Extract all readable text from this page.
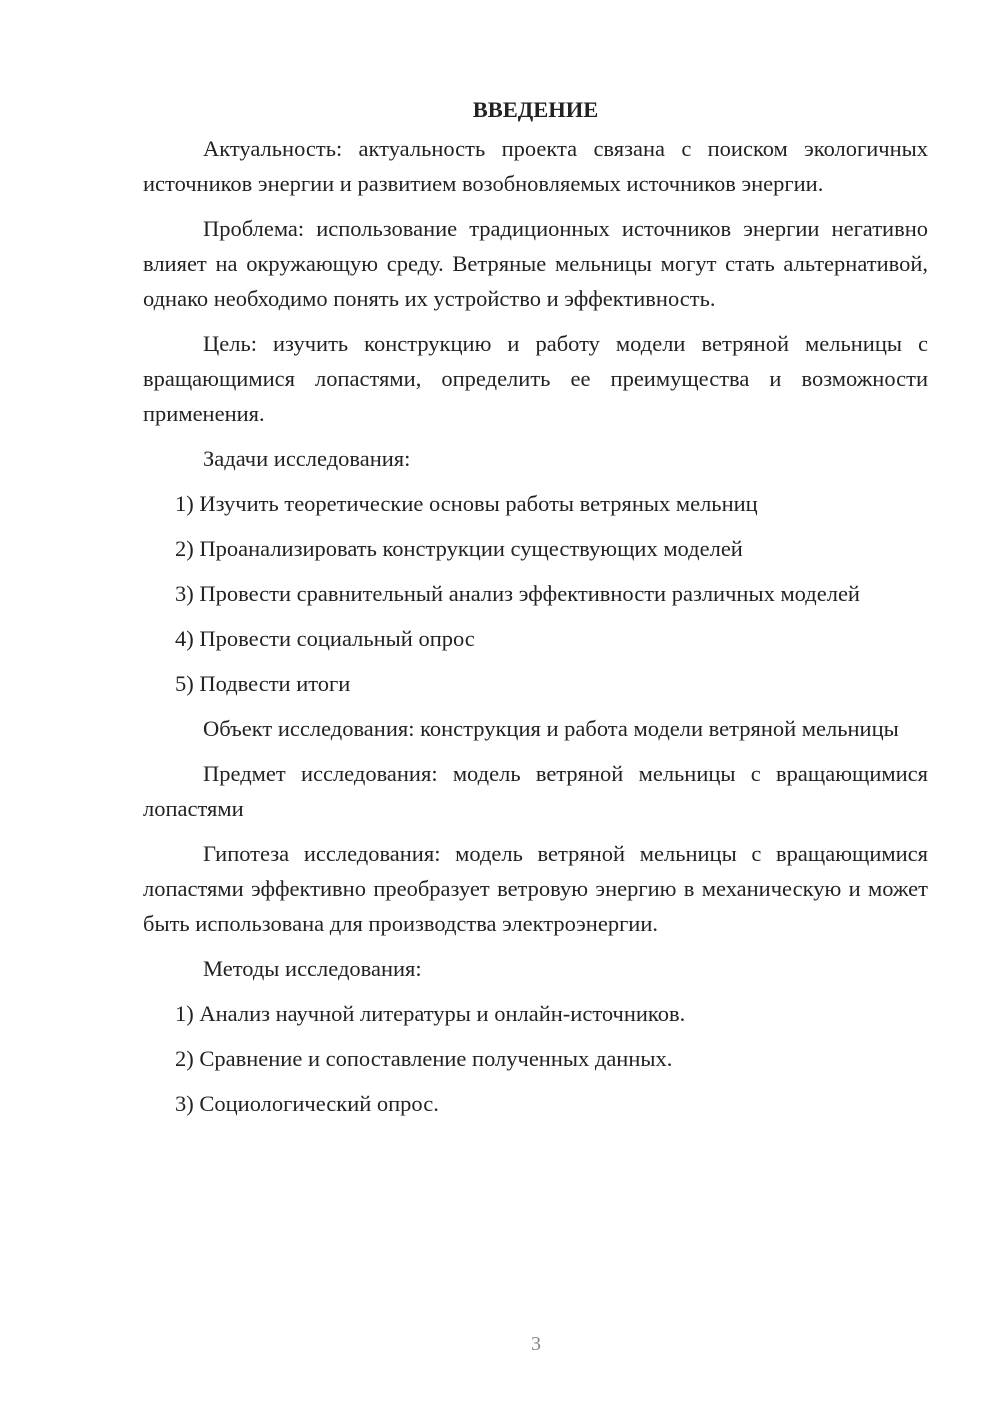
ВВЕДЕНИЕ

Актуальность: актуальность проекта связана с поиском экологичных источников энергии и развитием возобновляемых источников энергии.

Проблема: использование традиционных источников энергии негативно влияет на окружающую среду. Ветряные мельницы могут стать альтернативой, однако необходимо понять их устройство и эффективность.

Цель: изучить конструкцию и работу модели ветряной мельницы с вращающимися лопастями, определить ее преимущества и возможности применения.

Задачи исследования:

1) Изучить теоретические основы работы ветряных мельниц

2) Проанализировать конструкции существующих моделей

3) Провести сравнительный анализ эффективности различных моделей

4) Провести социальный опрос

5) Подвести итоги

Объект исследования: конструкция и работа модели ветряной мельницы

Предмет исследования: модель ветряной мельницы с вращающимися лопастями

Гипотеза исследования: модель ветряной мельницы с вращающимися лопастями эффективно преобразует ветровую энергию в механическую и может быть использована для производства электроэнергии.

Методы исследования:

1) Анализ научной литературы и онлайн-источников.

2) Сравнение и сопоставление полученных данных.

3) Социологический опрос.

3
